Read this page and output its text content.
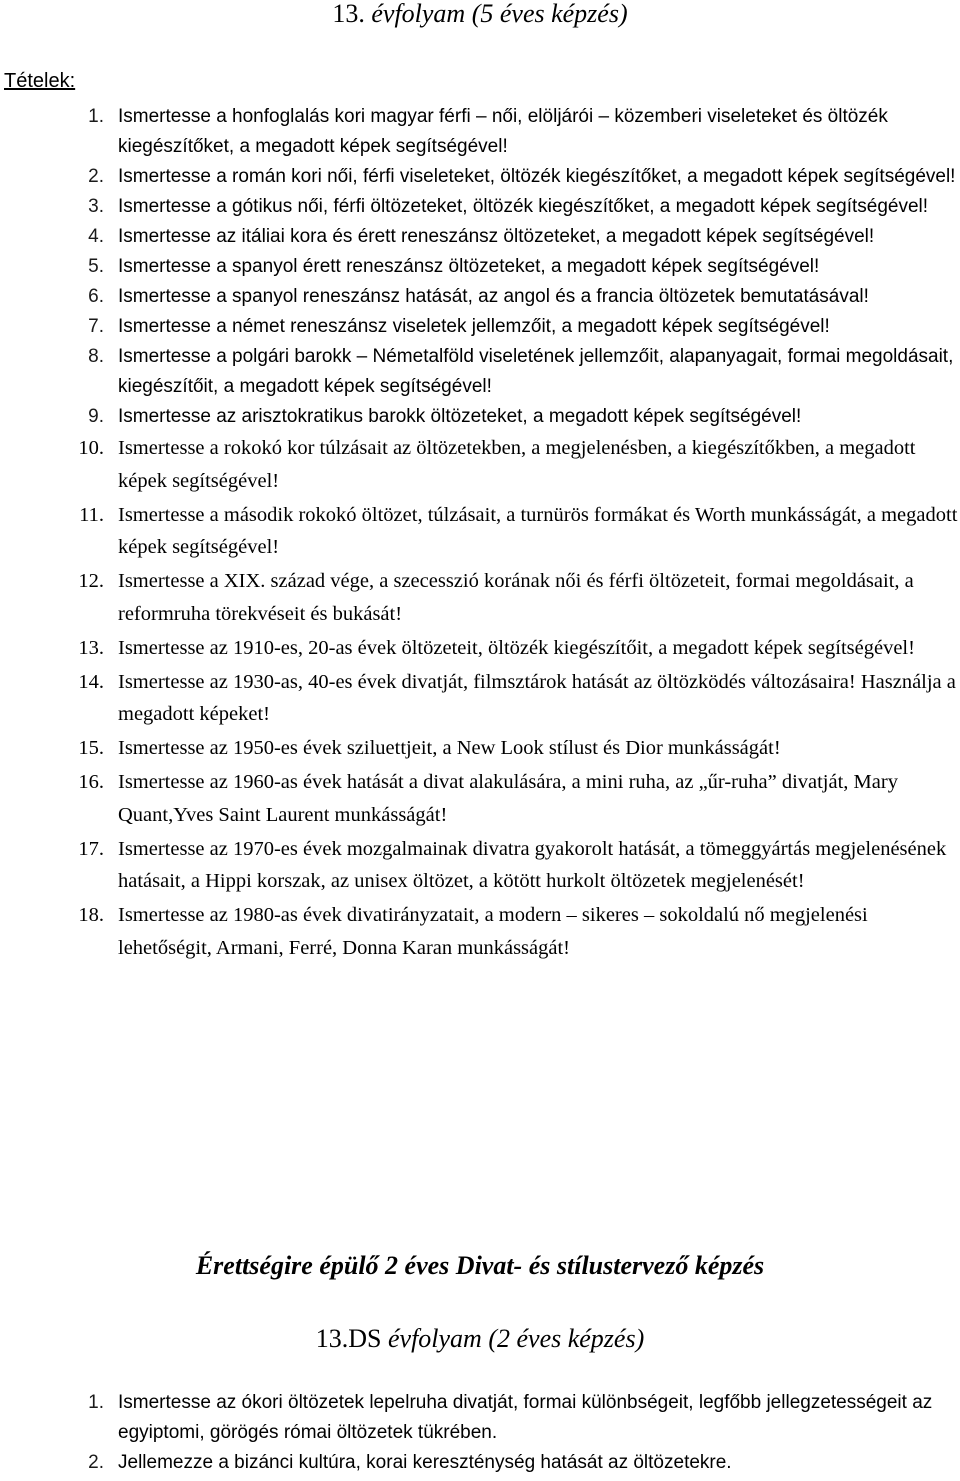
13. évfolyam (5 éves képzés)
Tételek:
1. Ismertesse a honfoglalás kori magyar férfi – női, elöljárói – közemberi viseleteket és öltözék kiegészítőket, a megadott képek segítségével!
2. Ismertesse a román kori női, férfi viseleteket, öltözék kiegészítőket, a megadott képek segítségével!
3. Ismertesse a gótikus női, férfi öltözeteket, öltözék kiegészítőket, a megadott képek segítségével!
4. Ismertesse az itáliai kora és érett reneszánsz öltözeteket, a megadott képek segítségével!
5. Ismertesse a spanyol érett reneszánsz öltözeteket, a megadott képek segítségével!
6. Ismertesse a spanyol reneszánsz hatását, az angol és a francia öltözetek bemutatásával!
7. Ismertesse a német reneszánsz viseletek jellemzőit, a megadott képek segítségével!
8. Ismertesse a polgári barokk – Németalföld viseletének jellemzőit, alapanyagait, formai megoldásait, kiegészítőit, a megadott képek segítségével!
9. Ismertesse az arisztokratikus barokk öltözeteket, a megadott képek segítségével!
10. Ismertesse a rokokó kor túlzásait az öltözetekben, a megjelenésben, a kiegészítőkben, a megadott képek segítségével!
11. Ismertesse a második rokokó öltözet, túlzásait, a turnürös formákat és Worth munkásságát, a megadott képek segítségével!
12. Ismertesse a XIX. század vége, a szecesszió korának női és férfi öltözeteit, formai megoldásait, a reformruha törekvéseit és bukását!
13. Ismertesse az 1910-es, 20-as évek öltözeteit, öltözék kiegészítőit, a megadott képek segítségével!
14. Ismertesse az 1930-as, 40-es évek divatját, filmsztárok hatását az öltözködés változásaira! Használja a megadott képeket!
15. Ismertesse az 1950-es évek sziluettjeit, a New Look stílust és Dior munkásságát!
16. Ismertesse az 1960-as évek hatását a divat alakulására, a mini ruha, az „űr-ruha” divatját, Mary Quant,Yves Saint Laurent munkásságát!
17. Ismertesse az 1970-es évek mozgalmainak divatra gyakorolt hatását, a tömeggyártás megjelenésének hatásait, a Hippi korszak, az unisex öltözet, a kötött hurkolt öltözetek megjelenését!
18. Ismertesse az 1980-as évek divatirányzatait, a modern – sikeres – sokoldalú nő megjelenési lehetőségit, Armani, Ferré, Donna Karan munkásságát!
Érettségire épülő 2 éves Divat- és stílustervező képzés
13.DS évfolyam (2 éves képzés)
1. Ismertesse az ókori öltözetek lepelruha divatját, formai különbségeit, legfőbb jellegzetességeit az egyiptomi, görögés római öltözetek tükrében.
2. Jellemezze a bizánci kultúra, korai kereszténység hatását az öltözetekre.
